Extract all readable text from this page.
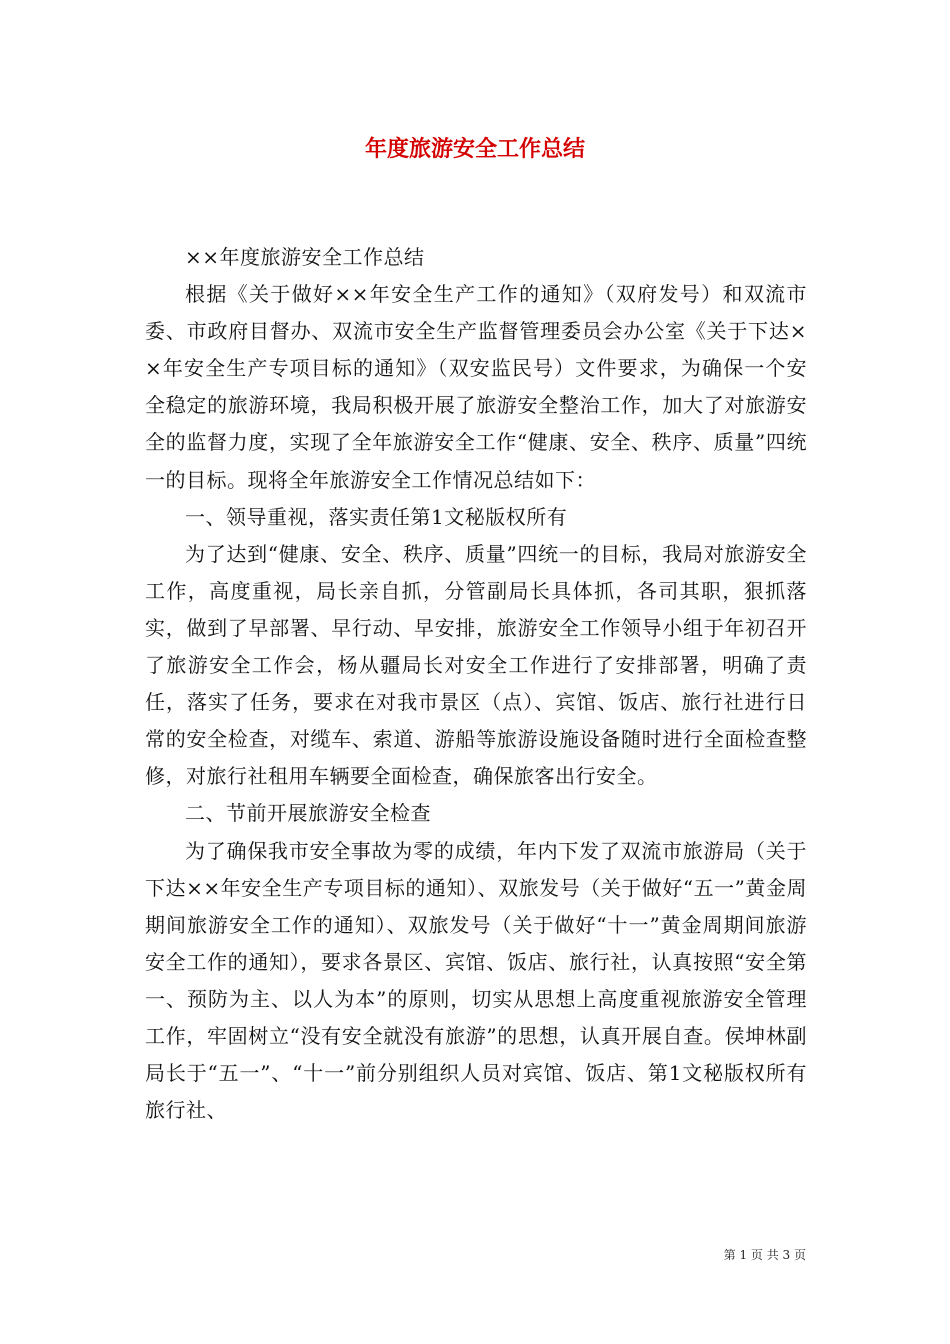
年度旅游安全工作总结

××年度旅游安全工作总结

根据《关于做好××年安全生产工作的通知》（双府发号）和双流市委、市政府目督办、双流市安全生产监督管理委员会办公室《关于下达××年安全生产专项目标的通知》（双安监民号）文件要求，为确保一个安全稳定的旅游环境，我局积极开展了旅游安全整治工作，加大了对旅游安全的监督力度，实现了全年旅游安全工作“健康、安全、秩序、质量”四统一的目标。现将全年旅游安全工作情况总结如下：

一、领导重视，落实责任第1文秘版权所有

为了达到“健康、安全、秩序、质量”四统一的目标，我局对旅游安全工作，高度重视，局长亲自抓，分管副局长具体抓，各司其职，狠抓落实，做到了早部署、早行动、早安排，旅游安全工作领导小组于年初召开了旅游安全工作会，杨从疆局长对安全工作进行了安排部署，明确了责任，落实了任务，要求在对我市景区（点）、宾馆、饭店、旅行社进行日常的安全检查，对缆车、索道、游船等旅游设施设备随时进行全面检查整修，对旅行社租用车辆要全面检查，确保旅客出行安全。

二、节前开展旅游安全检查

为了确保我市安全事故为零的成绩，年内下发了双流市旅游局（关于下达××年安全生产专项目标的通知）、双旅发号（关于做好“五一”黄金周期间旅游安全工作的通知）、双旅发号（关于做好“十一”黄金周期间旅游安全工作的通知），要求各景区、宾馆、饭店、旅行社，认真按照“安全第一、预防为主、以人为本”的原则，切实从思想上高度重视旅游安全管理工作，牢固树立“没有安全就没有旅游”的思想，认真开展自查。侯坤林副局长于“五一”、“十一”前分别组织人员对宾馆、饭店、第1文秘版权所有旅行社、

第 1 页 共 3 页
